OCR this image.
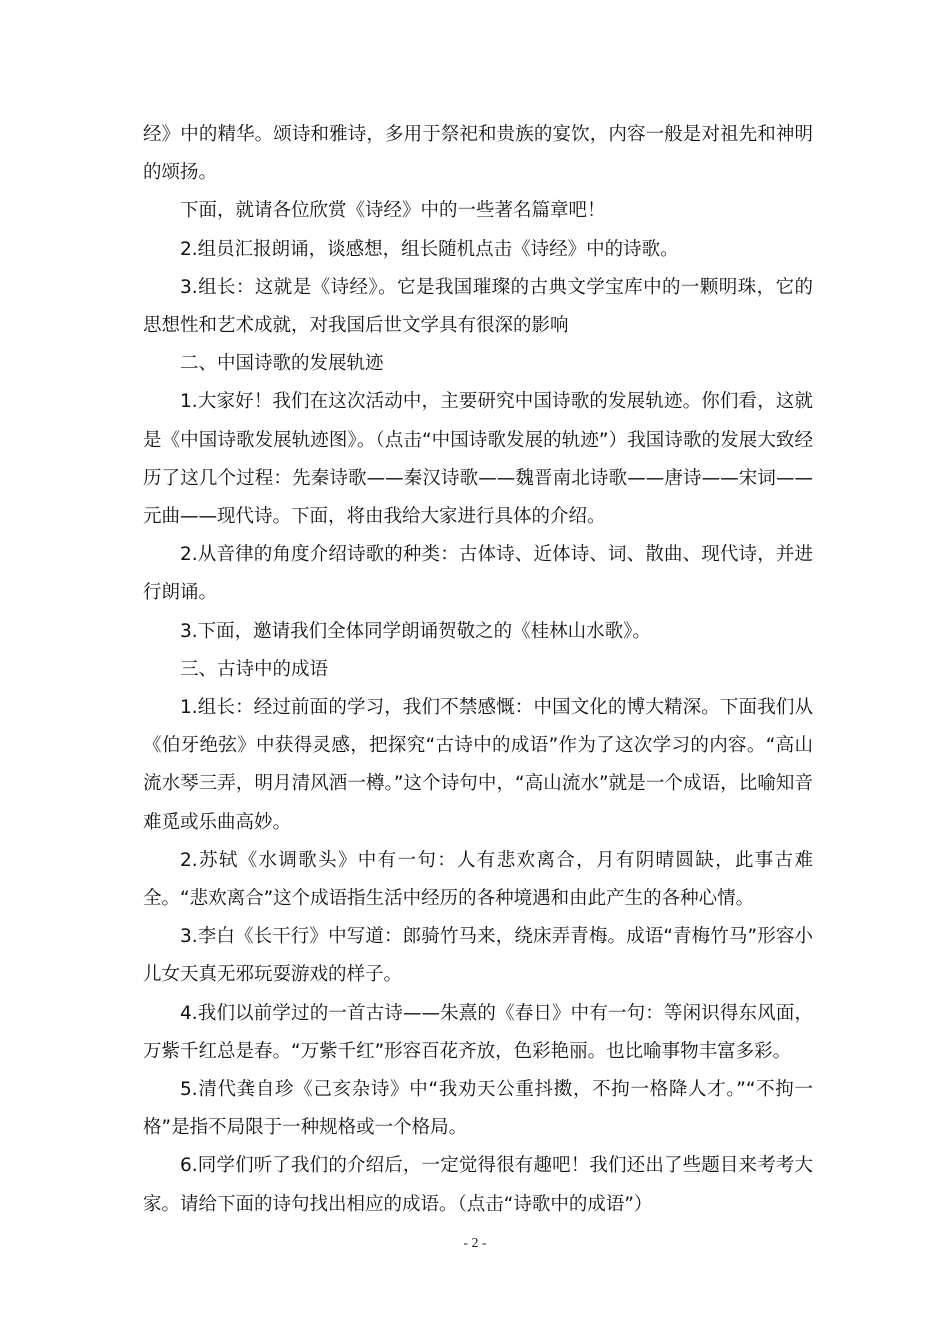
经》中的精华。颂诗和雅诗，多用于祭祀和贵族的宴饮，内容一般是对祖先和神明的颂扬。

下面，就请各位欣赏《诗经》中的一些著名篇章吧！

2.组员汇报朗诵，谈感想，组长随机点击《诗经》中的诗歌。

3.组长：这就是《诗经》。它是我国璀璨的古典文学宝库中的一颗明珠，它的思想性和艺术成就，对我国后世文学具有很深的影响

二、中国诗歌的发展轨迹

1.大家好！我们在这次活动中，主要研究中国诗歌的发展轨迹。你们看，这就是《中国诗歌发展轨迹图》。（点击“中国诗歌发展的轨迹”）我国诗歌的发展大致经历了这几个过程：先秦诗歌——秦汉诗歌——魏晋南北诗歌——唐诗——宋词——元曲——现代诗。下面，将由我给大家进行具体的介绍。

2.从音律的角度介绍诗歌的种类：古体诗、近体诗、词、散曲、现代诗，并进行朗诵。

3.下面，邀请我们全体同学朗诵贺敬之的《桂林山水歌》。

三、古诗中的成语

1.组长：经过前面的学习，我们不禁感慨：中国文化的博大精深。下面我们从《伯牙绝弦》中获得灵感，把探究“古诗中的成语”作为了这次学习的内容。“高山流水琴三弄，明月清风酒一樽。”这个诗句中，“高山流水”就是一个成语，比喻知音难觅或乐曲高妙。

2.苏轼《水调歌头》中有一句：人有悲欢离合，月有阴晴圆缺，此事古难全。“悲欢离合”这个成语指生活中经历的各种境遇和由此产生的各种心情。

3.李白《长干行》中写道：郎骑竹马来，绕床弄青梅。成语“青梅竹马”形容小儿女天真无邪玩耍游戏的样子。

4.我们以前学过的一首古诗——朱熹的《春日》中有一句：等闲识得东风面，万紫千红总是春。“万紫千红”形容百花齐放，色彩艳丽。也比喻事物丰富多彩。

5.清代龚自珍《己亥杂诗》中“我劝天公重抖擞，不拘一格降人才。”“不拘一格”是指不局限于一种规格或一个格局。

6.同学们听了我们的介绍后，一定觉得很有趣吧！我们还出了些题目来考考大家。请给下面的诗句找出相应的成语。（点击“诗歌中的成语”）

- 2 -
